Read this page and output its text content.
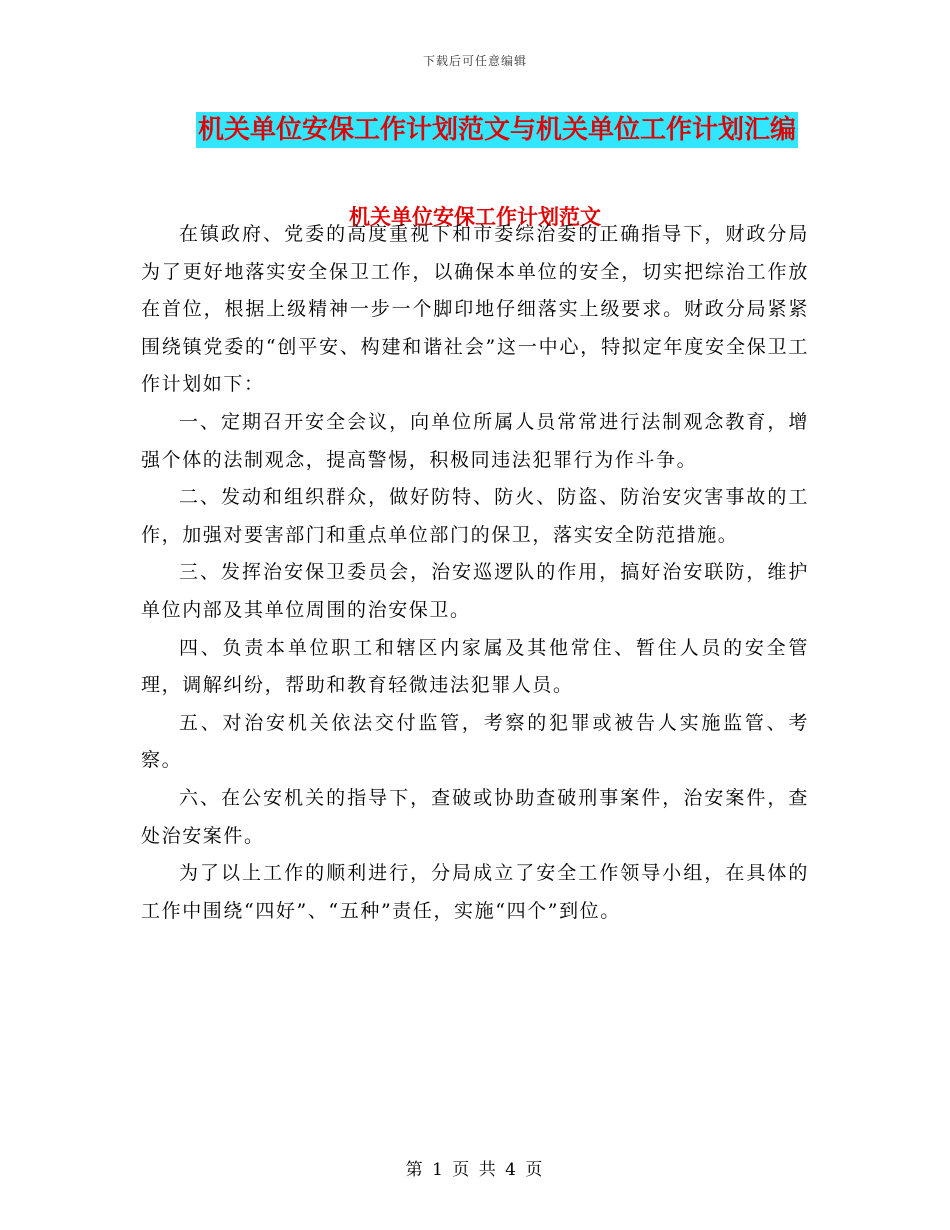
下载后可任意编辑
机关单位安保工作计划范文与机关单位工作计划汇编
机关单位安保工作计划范文

在镇政府、党委的高度重视下和市委综治委的正确指导下，财政分局为了更好地落实安全保卫工作，以确保本单位的安全，切实把综治工作放在首位，根据上级精神一步一个脚印地仔细落实上级要求。财政分局紧紧围绕镇党委的“创平安、构建和谐社会”这一中心，特拟定年度安全保卫工作计划如下：

一、定期召开安全会议，向单位所属人员常常进行法制观念教育，增强个体的法制观念，提高警惕，积极同违法犯罪行为作斗争。

二、发动和组织群众，做好防特、防火、防盗、防治安灾害事故的工作，加强对要害部门和重点单位部门的保卫，落实安全防范措施。

三、发挥治安保卫委员会，治安巡逻队的作用，搞好治安联防，维护单位内部及其单位周围的治安保卫。

四、负责本单位职工和辖区内家属及其他常住、暂住人员的安全管理，调解纠纷，帮助和教育轻微违法犯罪人员。

五、对治安机关依法交付监管，考察的犯罪或被告人实施监管、考察。

六、在公安机关的指导下，查破或协助查破刑事案件，治安案件，查处治安案件。

为了以上工作的顺利进行，分局成立了安全工作领导小组，在具体的工作中围绕“四好”、“五种”责任，实施“四个”到位。

第 1 页 共 4 页
